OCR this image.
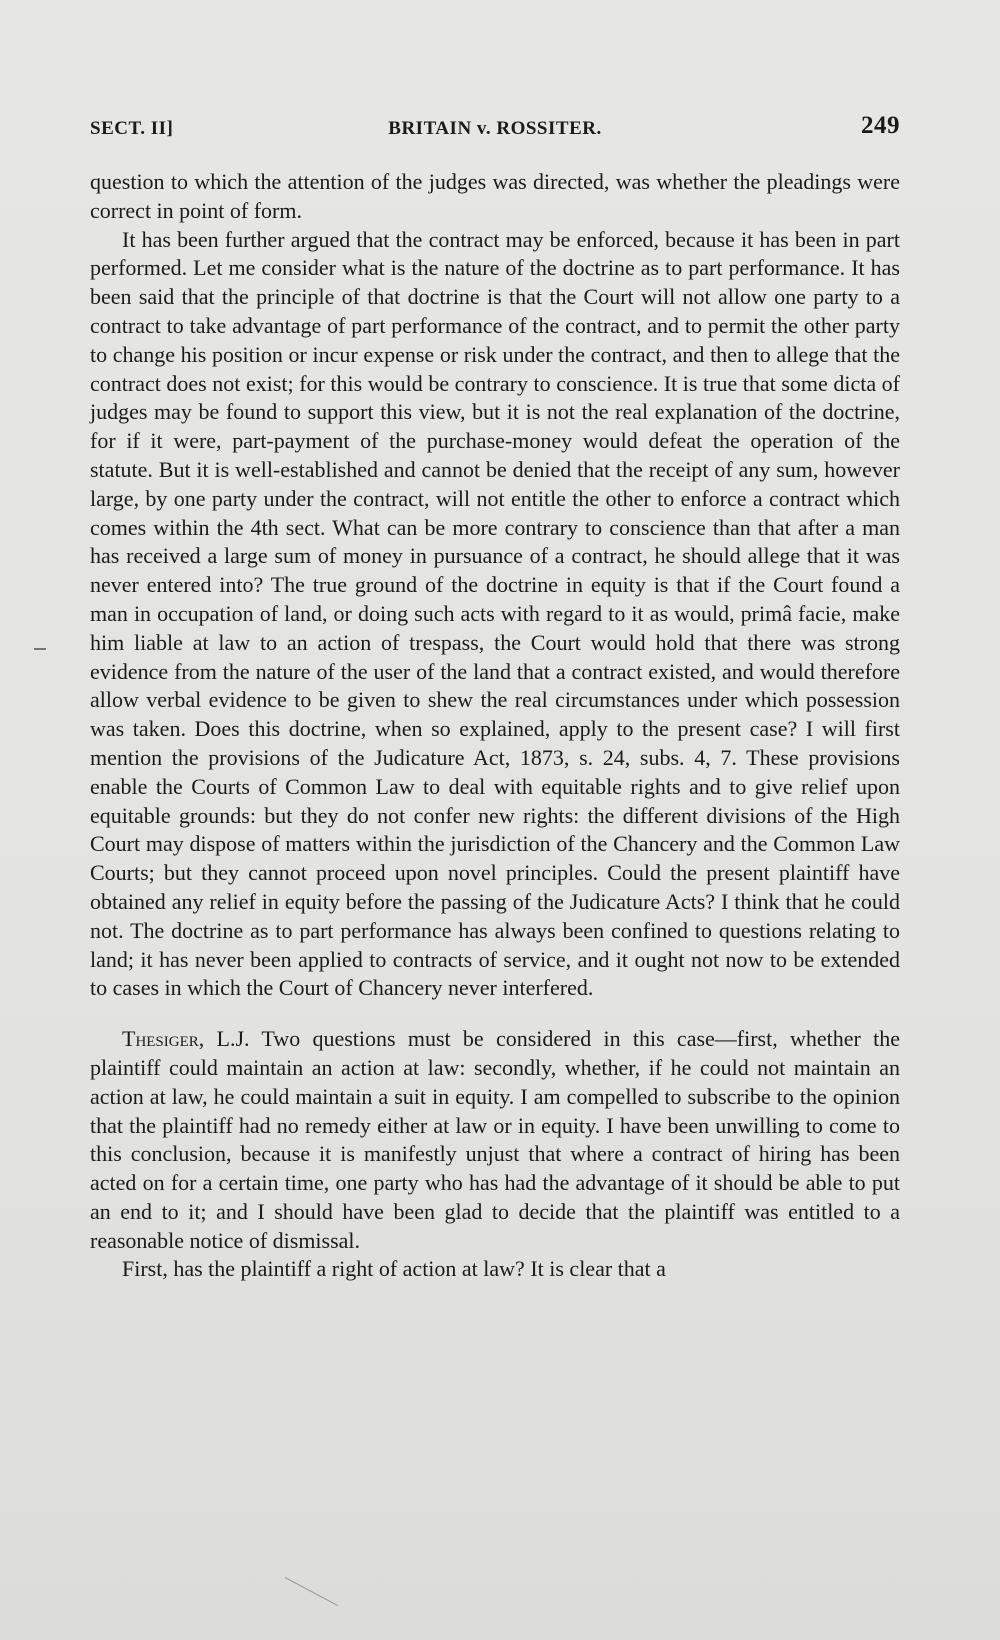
SECT. II]	BRITAIN v. ROSSITER.	249

question to which the attention of the judges was directed, was whether the pleadings were correct in point of form.

It has been further argued that the contract may be enforced, because it has been in part performed. Let me consider what is the nature of the doctrine as to part performance. It has been said that the principle of that doctrine is that the Court will not allow one party to a contract to take advantage of part performance of the contract, and to permit the other party to change his position or incur expense or risk under the contract, and then to allege that the contract does not exist; for this would be contrary to conscience. It is true that some dicta of judges may be found to support this view, but it is not the real explanation of the doctrine, for if it were, part-payment of the purchase-money would defeat the operation of the statute. But it is well-established and cannot be denied that the receipt of any sum, however large, by one party under the contract, will not entitle the other to enforce a contract which comes within the 4th sect. What can be more contrary to conscience than that after a man has received a large sum of money in pursuance of a contract, he should allege that it was never entered into? The true ground of the doctrine in equity is that if the Court found a man in occupation of land, or doing such acts with regard to it as would, primâ facie, make him liable at law to an action of trespass, the Court would hold that there was strong evidence from the nature of the user of the land that a contract existed, and would therefore allow verbal evidence to be given to shew the real circumstances under which possession was taken. Does this doctrine, when so explained, apply to the present case? I will first mention the provisions of the Judicature Act, 1873, s. 24, subs. 4, 7. These provisions enable the Courts of Common Law to deal with equitable rights and to give relief upon equitable grounds: but they do not confer new rights: the different divisions of the High Court may dispose of matters within the jurisdiction of the Chancery and the Common Law Courts; but they cannot proceed upon novel principles. Could the present plaintiff have obtained any relief in equity before the passing of the Judicature Acts? I think that he could not. The doctrine as to part performance has always been confined to questions relating to land; it has never been applied to contracts of service, and it ought not now to be extended to cases in which the Court of Chancery never interfered.

Thesiger, L.J. Two questions must be considered in this case—first, whether the plaintiff could maintain an action at law: secondly, whether, if he could not maintain an action at law, he could maintain a suit in equity. I am compelled to subscribe to the opinion that the plaintiff had no remedy either at law or in equity. I have been unwilling to come to this conclusion, because it is manifestly unjust that where a contract of hiring has been acted on for a certain time, one party who has had the advantage of it should be able to put an end to it; and I should have been glad to decide that the plaintiff was entitled to a reasonable notice of dismissal.

First, has the plaintiff a right of action at law? It is clear that a
